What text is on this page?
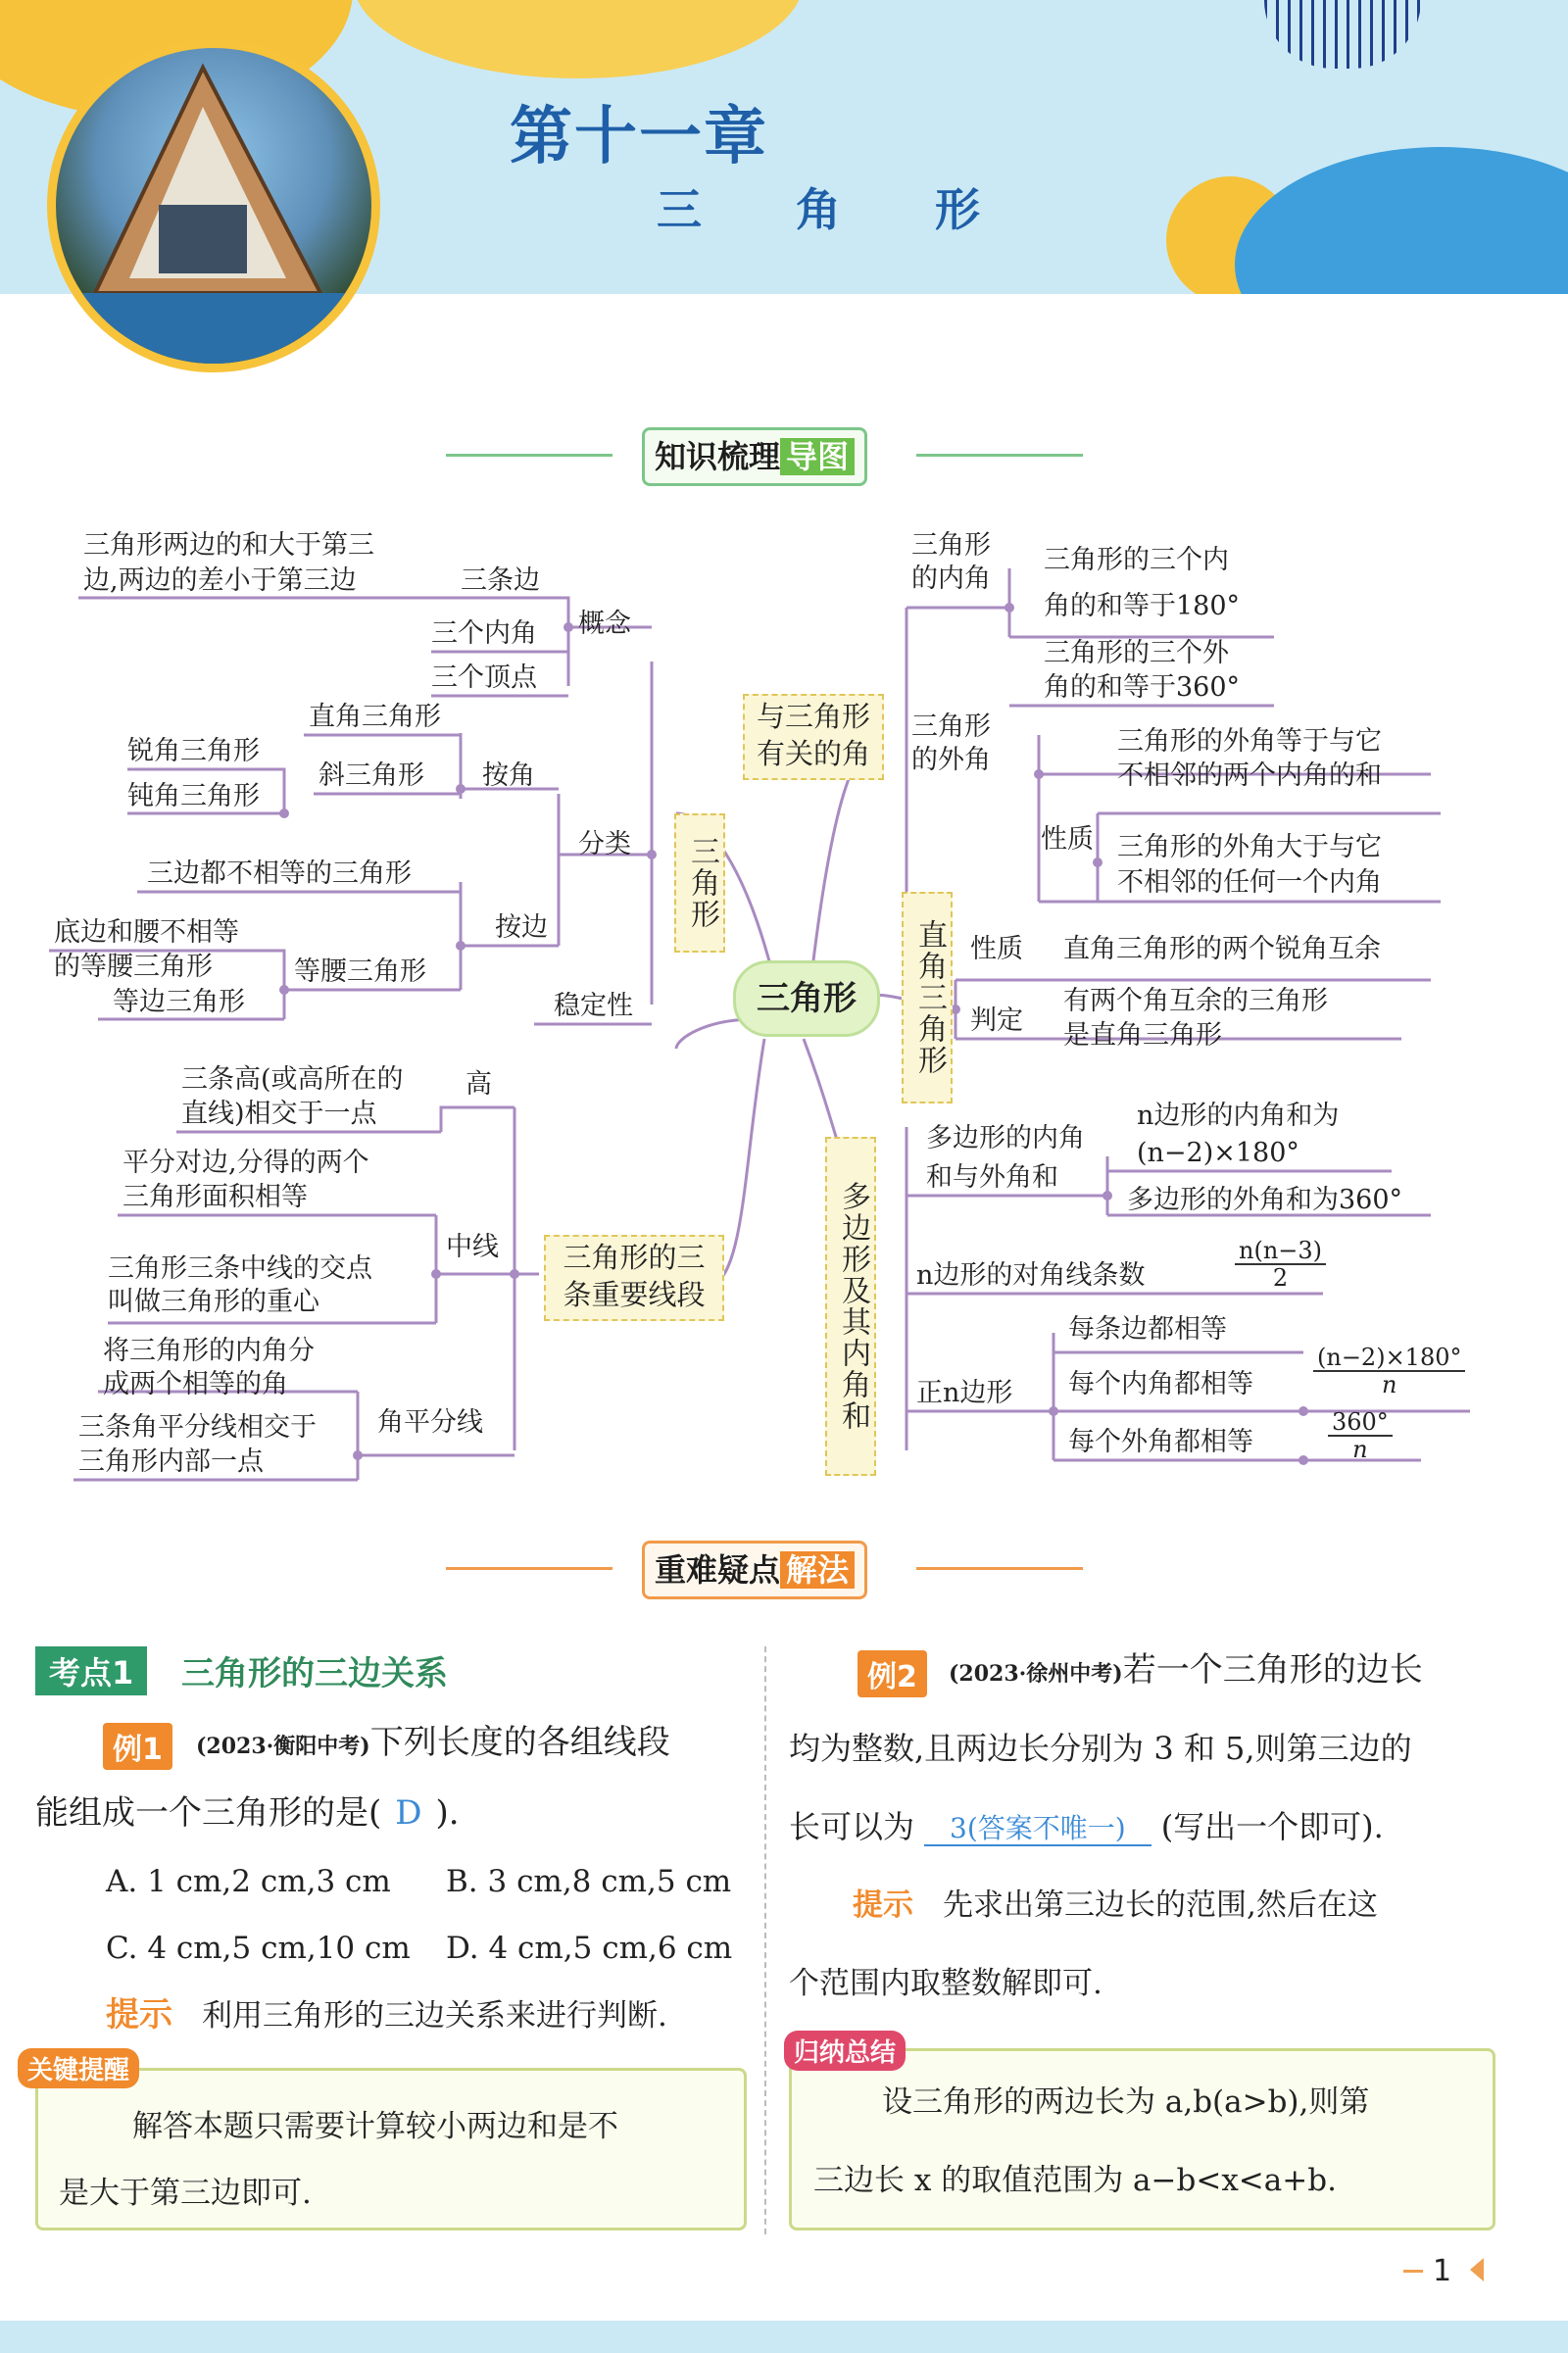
第十一章
三 角 形
知识梳理 导图
三角形
三角形两边的和大于第三
边,两边的差小于第三边	三条边
概念
三个内角
三个顶点
分类
按角
直角三角形
斜三角形
锐角三角形
钝角三角形
按边
三边都不相等的三角形
底边和腰不相等
的等腰三角形	等腰三角形
等边三角形	稳定性
三角形
高
三条高(或高所在的
直线)相交于一点
平分对边,分得的两个
三角形面积相等
中线
三角形三条中线的交点
叫做三角形的重心
将三角形的内角分
成两个相等的角
角平分线
三条角平分线相交于
三角形内部一点
三角形的三
条重要线段
与三角形
有关的角
三角形
的内角
三角形的三个内
角的和等于180°
三角形的三个外
角的和等于360°
三角形
的外角
性质
三角形的外角等于与它
不相邻的两个内角的和
三角形的外角大于与它
不相邻的任何一个内角
直角三角形 性质 直角三角形的两个锐角互余
有两个角互余的三角形
判定 是直角三角形
多边形及其内角和
多边形的内角
和与外角和
n边形的内角和为
(n−2)×180°
多边形的外角和为360°
n边形的对角线条数	$\frac{n(n-3)}{2}$
正n边形
每条边都相等
每个内角都相等	$\frac{(n-2)\times 180^\circ}{n}$
每个外角都相等	$\frac{360^\circ}{n}$
重难疑点 解法
考点1	三角形的三边关系
例1	(2023·衡阳中考)下列长度的各组线段
能组成一个三角形的是( D ).
A. 1 cm,2 cm,3 cm B. 3 cm,8 cm,5 cm
C. 4 cm,5 cm,10 cm D. 4 cm,5 cm,6 cm
提示 利用三角形的三边关系来进行判断.
关键提醒
解答本题只需要计算较小两边和是不
是大于第三边即可.
例2	(2023·徐州中考)若一个三角形的边长
均为整数,且两边长分别为 3 和 5,则第三边的
长可以为 3(答案不唯一) (写出一个即可).
提示 先求出第三边长的范围,然后在这
个范围内取整数解即可.
归纳总结
设三角形的两边长为 a,b(a>b),则第
三边长 x 的取值范围为 a−b<x<a+b.
1
